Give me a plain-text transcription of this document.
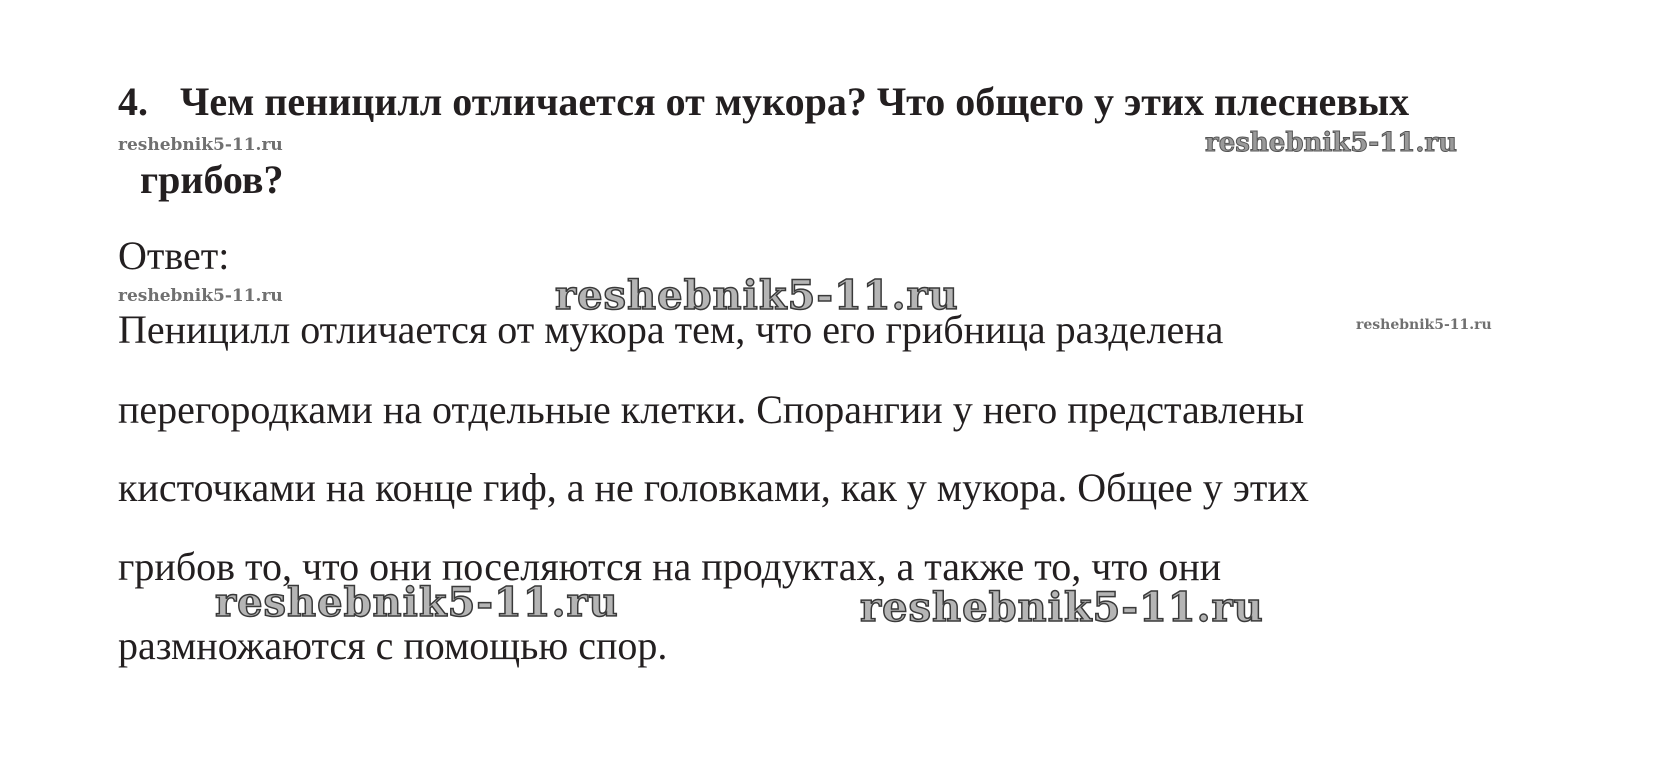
4. Чем пеницилл отличается от мукора? Что общего у этих плесневых
грибов?
Ответ:
Пеницилл отличается от мукора тем, что его грибница разделена
перегородками на отдельные клетки. Спорангии у него представлены
кисточками на конце гиф, а не головками, как у мукора. Общее у этих
грибов то, что они поселяются на продуктах, а также то, что они
размножаются с помощью спор.
reshebnik5-11.ru	reshebnik5-11.ru
reshebnik5-11.ru	reshebnik5-11.ru
reshebnik5-11.ru
reshebnik5-11.ru	reshebnik5-11.ru
